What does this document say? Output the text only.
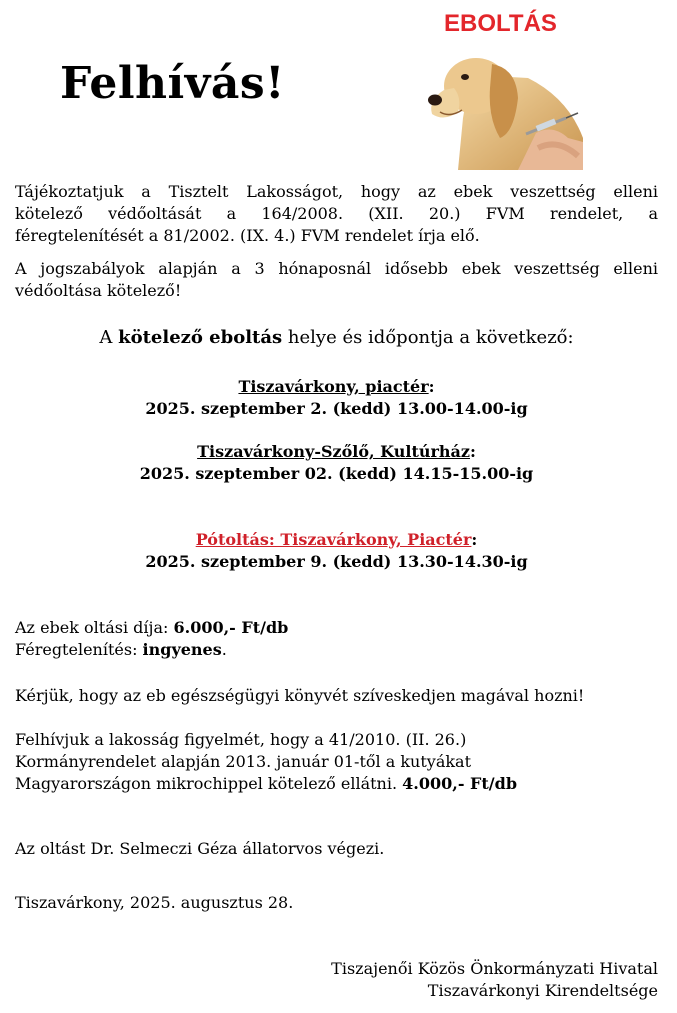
Felhívás!
EBOLTÁS

Tájékoztatjuk a Tisztelt Lakosságot, hogy az ebek veszettség elleni
kötelező védőoltását a 164/2008. (XII. 20.) FVM rendelet, a
féregtelenítését a 81/2002. (IX. 4.) FVM rendelet írja elő.

A jogszabályok alapján a 3 hónaposnál idősebb ebek veszettség elleni
védőoltása kötelező!

A kötelező eboltás helye és időpontja a következő:

Tiszavárkony, piactér:
2025. szeptember 2. (kedd) 13.00-14.00-ig

Tiszavárkony-Szőlő, Kultúrház:
2025. szeptember 02. (kedd) 14.15-15.00-ig

Pótoltás: Tiszavárkony, Piactér:
2025. szeptember 9. (kedd) 13.30-14.30-ig

Az ebek oltási díja: 6.000,- Ft/db
Féregtelenítés: ingyenes.

Kérjük, hogy az eb egészségügyi könyvét szíveskedjen magával hozni!

Felhívjuk a lakosság figyelmét, hogy a 41/2010. (II. 26.)
Kormányrendelet alapján 2013. január 01-től a kutyákat
Magyarországon mikrochippel kötelező ellátni. 4.000,- Ft/db

Az oltást Dr. Selmeczi Géza állatorvos végezi.

Tiszavárkony, 2025. augusztus 28.

Tiszajenői Közös Önkormányzati Hivatal
Tiszavárkonyi Kirendeltsége
